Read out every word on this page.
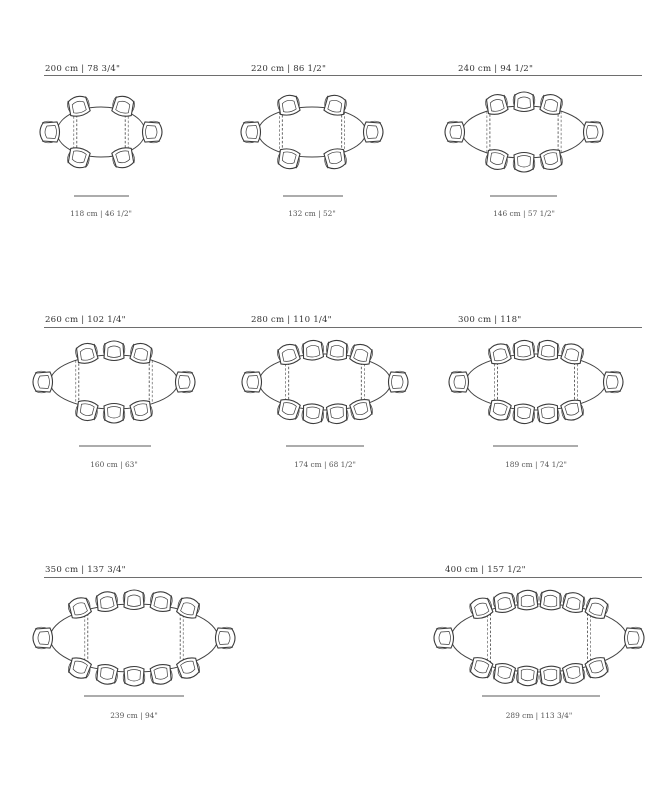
200 cm | 78 3/4"	220 cm | 86 1/2"	240 cm | 94 1/2"
260 cm | 102 1/4"	280 cm | 110 1/4"	300 cm | 118"
350 cm | 137 3/4"	400 cm | 157 1/2"
118 cm | 46 1/2"	132 cm | 52"	146 cm | 57 1/2"
160 cm | 63"	174 cm | 68 1/2"	189 cm | 74 1/2"
239 cm | 94"	289 cm | 113 3/4"
